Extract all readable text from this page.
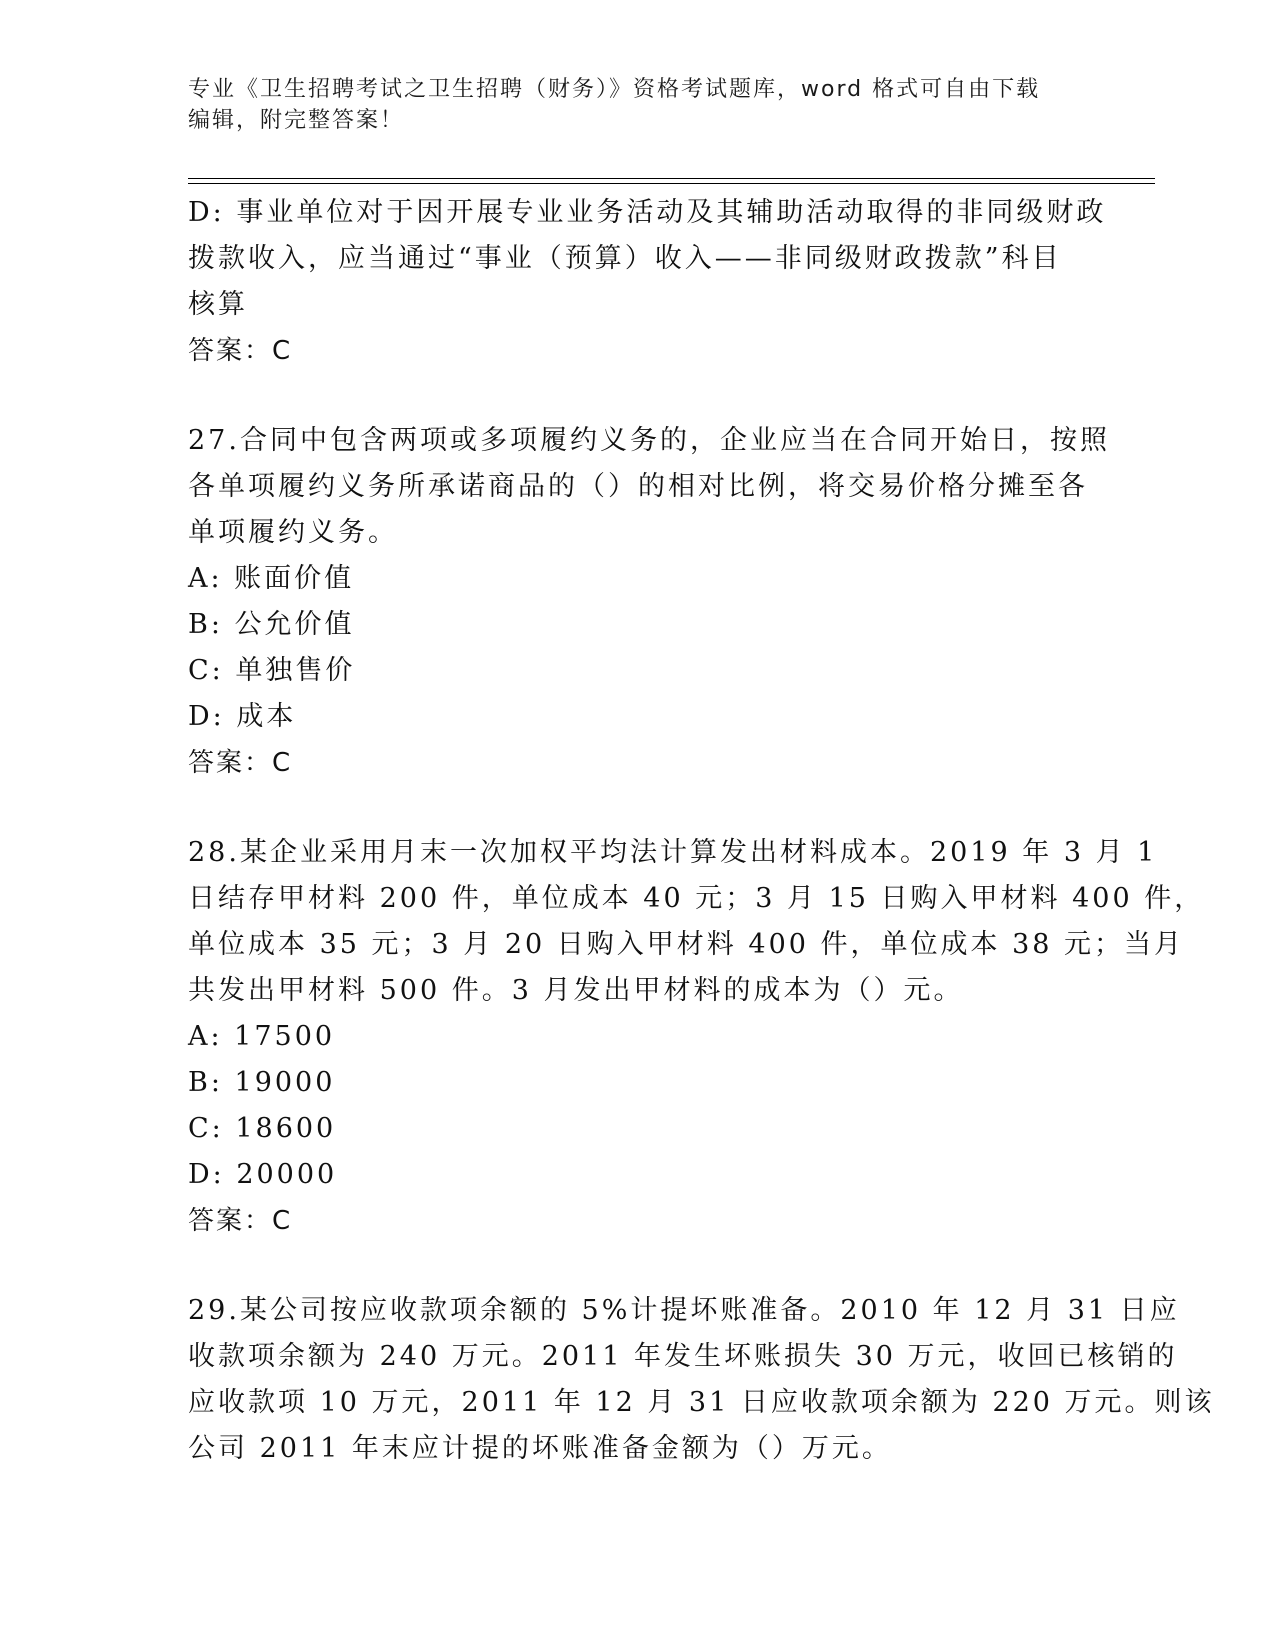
专业《卫生招聘考试之卫生招聘（财务）》资格考试题库，word 格式可自由下载
编辑，附完整答案！
D: 事业单位对于因开展专业业务活动及其辅助活动取得的非同级财政
拨款收入，应当通过“事业（预算）收入——非同级财政拨款”科目
核算
答案：C
27.合同中包含两项或多项履约义务的，企业应当在合同开始日，按照
各单项履约义务所承诺商品的（）的相对比例，将交易价格分摊至各
单项履约义务。
A: 账面价值
B: 公允价值
C: 单独售价
D: 成本
答案：C
28.某企业采用月末一次加权平均法计算发出材料成本。2019 年 3 月 1
日结存甲材料 200 件，单位成本 40 元；3 月 15 日购入甲材料 400 件，
单位成本 35 元；3 月 20 日购入甲材料 400 件，单位成本 38 元；当月
共发出甲材料 500 件。3 月发出甲材料的成本为（）元。
A: 17500
B: 19000
C: 18600
D: 20000
答案：C
29.某公司按应收款项余额的 5%计提坏账准备。2010 年 12 月 31 日应
收款项余额为 240 万元。2011 年发生坏账损失 30 万元，收回已核销的
应收款项 10 万元，2011 年 12 月 31 日应收款项余额为 220 万元。则该
公司 2011 年末应计提的坏账准备金额为（）万元。
